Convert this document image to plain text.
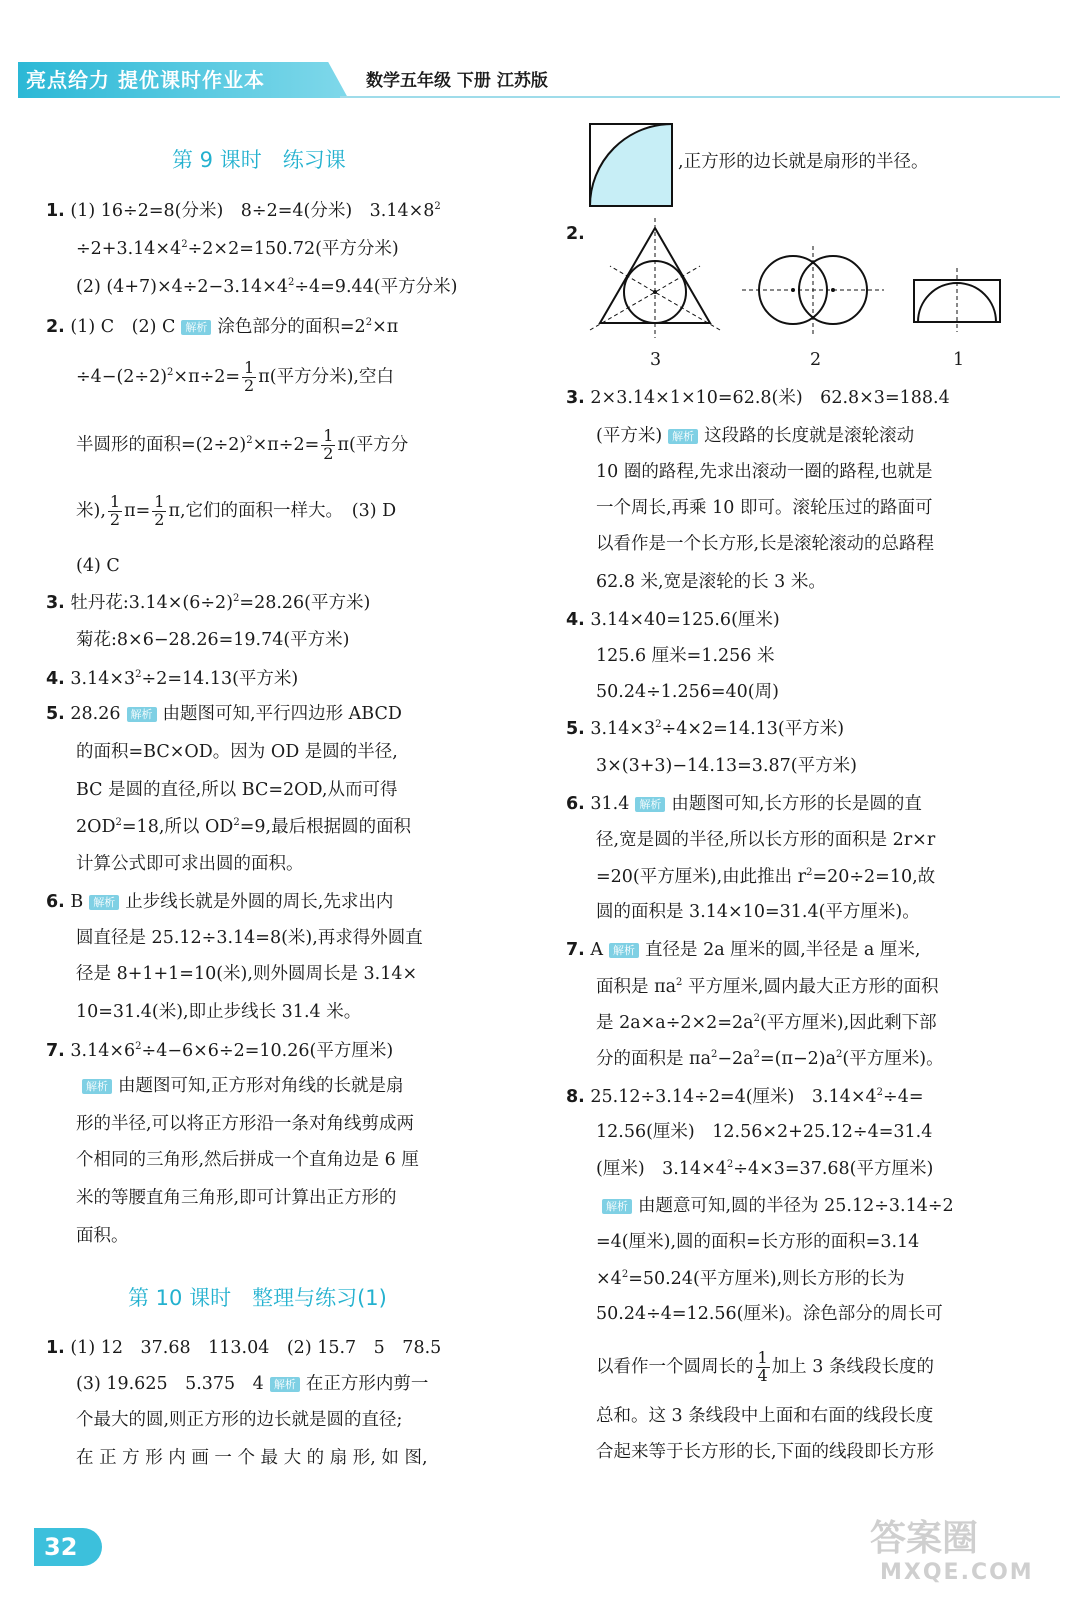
亮点给力 提优课时作业本	数学五年级 下册 江苏版
第 9 课时　练习课
1. (1) 16÷2=8(分米)　8÷2=4(分米)　$3.14\times 8^2$
$\div 2+3.14\times 4^2\div 2\times 2=150.72$(平方分米)
(2) $(4+7)\times 4\div 2-3.14\times 4^2\div 4=9.44$(平方分米)
2. (1) C　(2) C 解析 涂色部分的面积$=2^2\times\pi$
$\div 4-(2\div 2)^2\times\pi\div 2= \frac{1}{2} \pi$(平方分米),空白
半圆形的面积$=(2\div 2)^2\times\pi\div 2= \frac{1}{2} \pi$(平方分
米), $\frac{1}{2} \pi= \frac{1}{2} \pi$,它们的面积一样大。　(3) D
(4) C
3. 牡丹花$:3.14\times(6\div 2)^2=28.26$(平方米)
菊花:8×6−28.26=19.74(平方米)
4. $3.14\times 3^2\div 2=14.13$(平方米)
5. 28.26 解析 由题图可知,平行四边形 ABCD
的面积=BC×OD。因为 OD 是圆的半径,
BC 是圆的直径,所以 BC=2OD,从而可得
$2OD^2=18$,所以 $OD^2=9$,最后根据圆的面积
计算公式即可求出圆的面积。
6. B 解析 止步线长就是外圆的周长,先求出内
圆直径是 25.12÷3.14=8(米),再求得外圆直
径是 8+1+1=10(米),则外圆周长是 3.14×
10=31.4(米),即止步线长 31.4 米。
7. $3.14\times 6^2\div 4-6\times 6\div 2=10.26$(平方厘米)
解析 由题图可知,正方形对角线的长就是扇
形的半径,可以将正方形沿一条对角线剪成两
个相同的三角形,然后拼成一个直角边是 6 厘
米的等腰直角三角形,即可计算出正方形的
面积。
第 10 课时　整理与练习(1)
1. (1) 12　37.68　113.04　(2) 15.7　5　78.5
(3) 19.625　5.375　4 解析 在正方形内剪一
个最大的圆,则正方形的边长就是圆的直径;
在 正 方 形 内 画 一 个 最 大 的 扇 形, 如 图,
,正方形的边长就是扇形的半径。
2.
3	2	1
3. 2×3.14×1×10=62.8(米)　62.8×3=188.4
(平方米) 解析 这段路的长度就是滚轮滚动
10 圈的路程,先求出滚动一圈的路程,也就是
一个周长,再乘 10 即可。滚轮压过的路面可
以看作是一个长方形,长是滚轮滚动的总路程
62.8 米,宽是滚轮的长 3 米。
4. 3.14×40=125.6(厘米)
125.6 厘米=1.256 米
50.24÷1.256=40(周)
5. $3.14\times 3^2\div 4\times 2=14.13$(平方米)
3×(3+3)−14.13=3.87(平方米)
6. 31.4 解析 由题图可知,长方形的长是圆的直
径,宽是圆的半径,所以长方形的面积是 2r×r
=20(平方厘米),由此推出 $r^2=20\div 2=10$,故
圆的面积是 3.14×10=31.4(平方厘米)。
7. A 解析 直径是 2a 厘米的圆,半径是 a 厘米,
面积是 $\pi a^2$ 平方厘米,圆内最大正方形的面积
是 $2a\times a\div 2\times 2=2a^2$(平方厘米),因此剩下部
分的面积是 $\pi a^2-2a^2=(\pi-2)a^2$(平方厘米)。
8. 25.12÷3.14÷2=4(厘米)　$3.14\times 4^2\div 4=$
12.56(厘米)　12.56×2+25.12÷4=31.4
(厘米)　$3.14\times 4^2\div 4\times 3=37.68$(平方厘米)
解析 由题意可知,圆的半径为 25.12÷3.14÷2
=4(厘米),圆的面积=长方形的面积=3.14
$\times 4^2=50.24$(平方厘米),则长方形的长为
50.24÷4=12.56(厘米)。涂色部分的周长可
以看作一个圆周长的 $\frac{1}{4}$ 加上 3 条线段长度的
总和。这 3 条线段中上面和右面的线段长度
合起来等于长方形的长,下面的线段即长方形
32	答案圈
MXQE.COM
